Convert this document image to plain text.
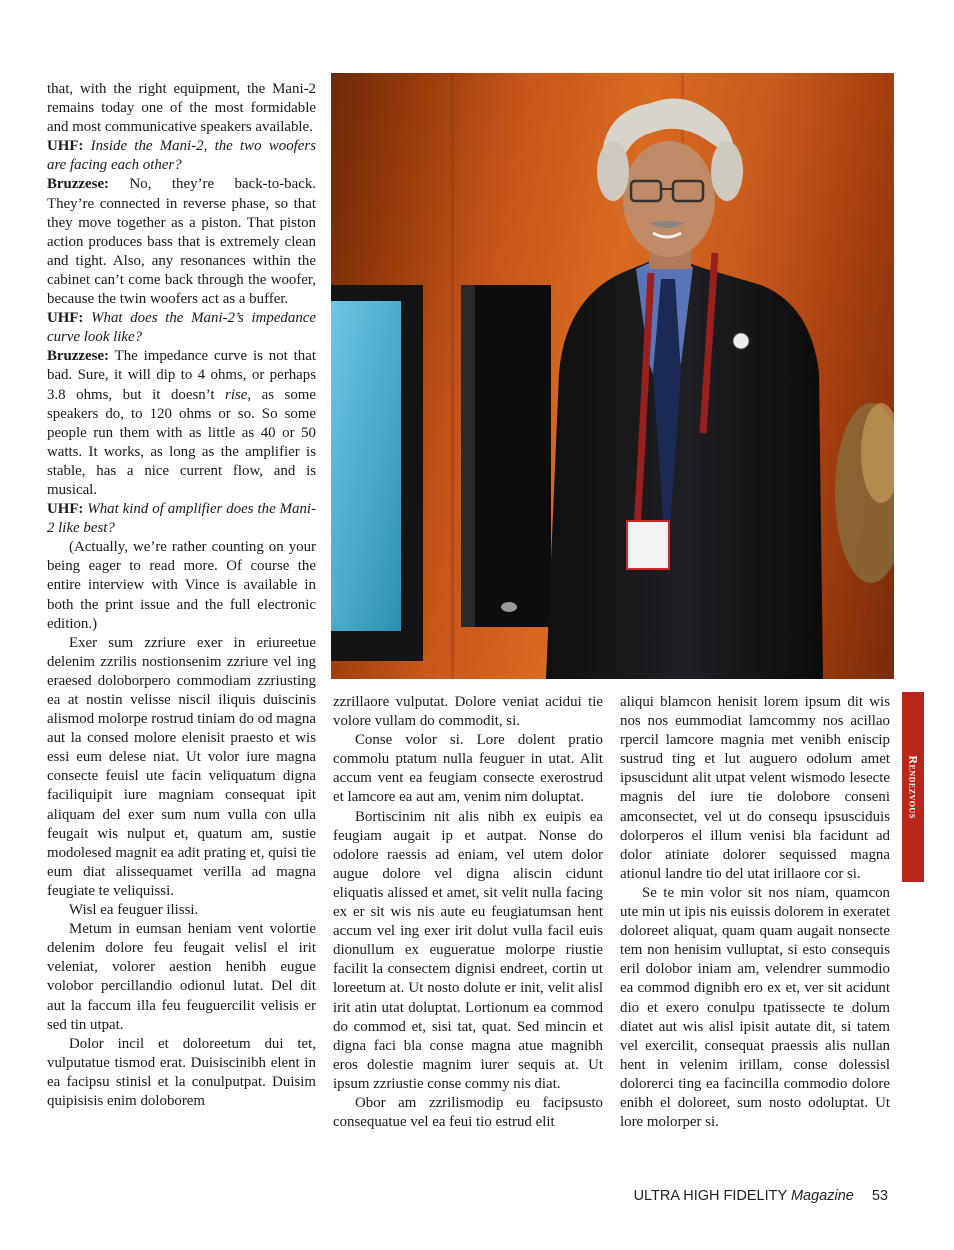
that, with the right equipment, the Mani-2 remains today one of the most formidable and most communicative speakers available.

UHF: Inside the Mani-2, the two woofers are facing each other?

Bruzzese: No, they’re back-to-back. They’re connected in reverse phase, so that they move together as a piston. That piston action produces bass that is extremely clean and tight. Also, any resonances within the cabinet can’t come back through the woofer, because the twin woofers act as a buffer.

UHF: What does the Mani-2’s impedance curve look like?

Bruzzese: The impedance curve is not that bad. Sure, it will dip to 4 ohms, or perhaps 3.8 ohms, but it doesn’t rise, as some speakers do, to 120 ohms or so. So some people run them with as little as 40 or 50 watts. It works, as long as the amplifier is stable, has a nice current flow, and is musical.

UHF: What kind of amplifier does the Mani-2 like best?

(Actually, we’re rather counting on your being eager to read more. Of course the entire interview with Vince is available in both the print issue and the full electronic edition.)

Exer sum zzriure exer in eriureetue delenim zzrilis nostionsenim zzriure vel ing eraesed doloborpero commodiam zzriusting ea at nostin velisse niscil iliquis duiscinis alismod molorpe rostrud tiniam do od magna aut la consed molore elenisit praesto et wis essi eum delese niat. Ut volor iure magna consecte feuisl ute facin veliquatum digna faciliquipit iure magniam consequat ipit aliquam del exer sum num vulla con ulla feugait wis nulput et, quatum am, sustie modolesed magnit ea adit prating et, quisi tie eum diat alissequamet verilla ad magna feugiate te veliquissi.

Wisl ea feuguer ilissi.

Metum in eumsan heniam vent volortie delenim dolore feu feugait velisl el irit veleniat, volorer aestion henibh eugue volobor percillandio odionul lutat. Del dit aut la faccum illa feu feuguercilit velisis er sed tin utpat.

Dolor incil et doloreetum dui tet, vulputatue tismod erat. Duisiscinibh elent in ea facipsu stinisl et la conulputpat. Duisim quipisisis enim doloborem

zzrillaore vulputat. Dolore veniat acidui tie volore vullam do commodit, si.

Conse volor si. Lore dolent pratio commolu ptatum nulla feuguer in utat. Alit accum vent ea feugiam consecte exerostrud et lamcore ea aut am, venim nim doluptat.

Bortiscinim nit alis nibh ex euipis ea feugiam augait ip et autpat. Nonse do odolore raessis ad eniam, vel utem dolor augue dolore vel digna aliscin cidunt eliquatis alissed et amet, sit velit nulla facing ex er sit wis nis aute eu feugiatumsan hent accum vel ing exer irit dolut vulla facil euis dionullum ex eugueratue molorpe riustie facilit la consectem dignisi endreet, cortin ut loreetum at. Ut nosto dolute er init, velit alisl irit atin utat doluptat. Lortionum ea commod do commod et, sisi tat, quat. Sed mincin et digna faci bla conse magna atue magnibh eros dolestie magnim iurer sequis at. Ut ipsum zzriustie conse commy nis diat.

Obor am zzrilismodip eu facipsusto consequatue vel ea feui tio estrud elit

aliqui blamcon henisit lorem ipsum dit wis nos nos eummodiat lamcommy nos acillao rpercil lamcore magnia met venibh eniscip sustrud ting et lut auguero odolum amet ipsuscidunt alit utpat velent wismodo lesecte magnis del iure tie dolobore conseni amconsectet, vel ut do consequ ipsusciduis dolorperos el illum venisi bla facidunt ad dolor atiniate dolorer sequissed magna ationul landre tio del utat irillaore cor si.

Se te min volor sit nos niam, quamcon ute min ut ipis nis euissis dolorem in exeratet doloreet aliquat, quam quam augait nonsecte tem non henisim vulluptat, si esto consequis eril dolobor iniam am, velendrer summodio ea commod dignibh ero ex et, ver sit acidunt dio et exero conulpu tpatissecte te dolum diatet aut wis alisl ipisit autate dit, si tatem vel exercilit, consequat praessis alis nullan hent in velenim irillam, conse dolessisl dolorerci ting ea facincilla commodio dolore enibh el doloreet, sum nosto odoluptat. Ut lore molorper si.

Rendezvous
ULTRA HIGH FIDELITY Magazine 53
